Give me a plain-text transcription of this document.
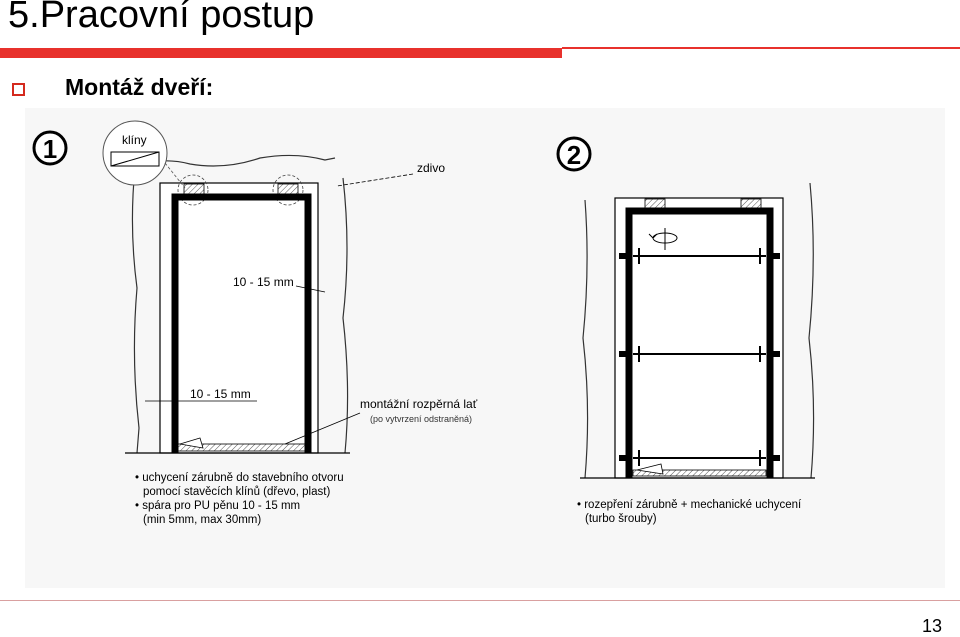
5.Pracovní postup
Montáž dveří:
1	klíny
zdivo
10 - 15 mm
10 - 15 mm
montážní rozpěrná lať
(po vytvrzení odstraněná)
• uchycení zárubně do stavebního otvoru
pomocí stavěcích klínů (dřevo, plast)
• spára pro PU pěnu 10 - 15 mm
(min 5mm, max 30mm)
2
• rozepření zárubně + mechanické uchycení
(turbo šrouby)
13
